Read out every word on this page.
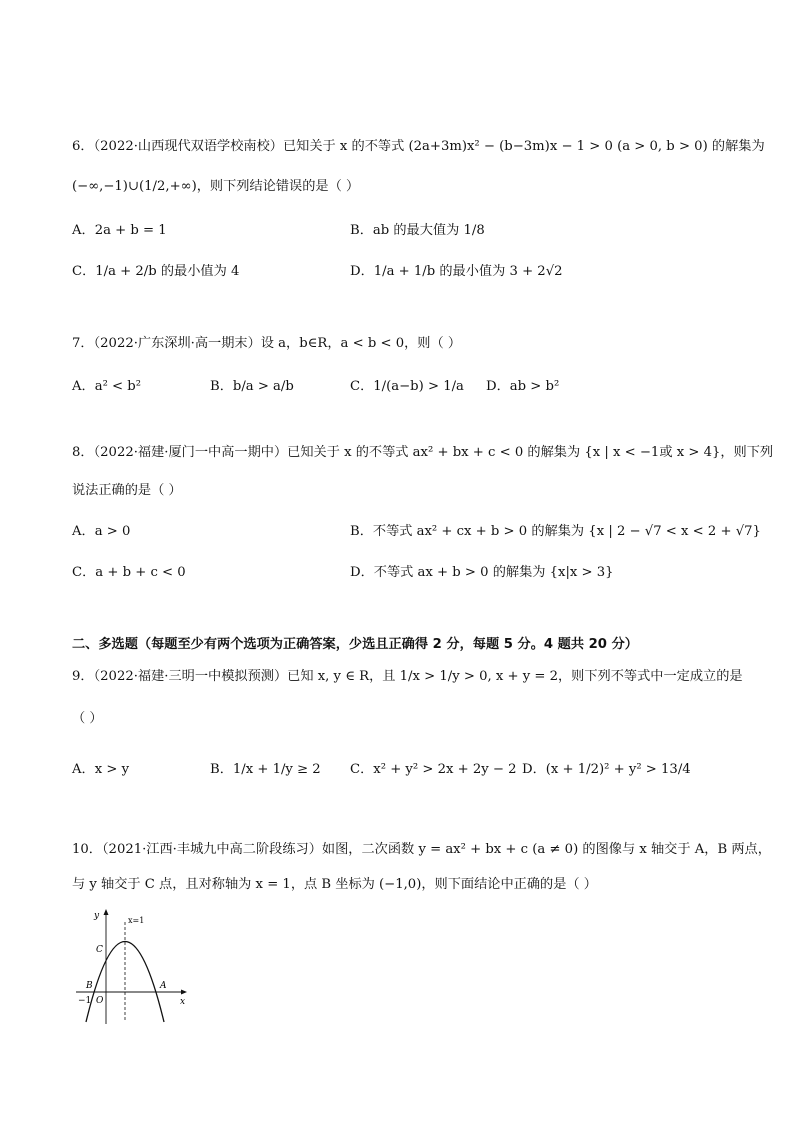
6．（2022·山西现代双语学校南校）已知关于 x 的不等式 (2a+3m)x² − (b−3m)x − 1 > 0 (a > 0, b > 0) 的解集为
(−∞,−1)∪(1/2,+∞)，则下列结论错误的是（ ）
A．2a + b = 1	B．ab 的最大值为 1/8
C．1/a + 2/b 的最小值为 4	D．1/a + 1/b 的最小值为 3 + 2√2
7．（2022·广东深圳·高一期末）设 a，b∈R，a < b < 0，则（ ）
A．a² < b²	B．b/a > a/b	C．1/(a−b) > 1/a D．ab > b²
8．（2022·福建·厦门一中高一期中）已知关于 x 的不等式 ax² + bx + c < 0 的解集为 {x | x < −1或 x > 4}，则下列
说法正确的是（ ）
A．a > 0	B．不等式 ax² + cx + b > 0 的解集为 {x | 2 − √7 < x < 2 + √7}
C．a + b + c < 0	D．不等式 ax + b > 0 的解集为 {x|x > 3}
二、多选题（每题至少有两个选项为正确答案，少选且正确得 2 分，每题 5 分。4 题共 20 分）
9．（2022·福建·三明一中模拟预测）已知 x, y ∈ R，且 1/x > 1/y > 0, x + y = 2，则下列不等式中一定成立的是
（ ）
A．x > y	B．1/x + 1/y ≥ 2 C．x² + y² > 2x + 2y − 2 D．(x + 1/2)² + y² > 13/4
10．（2021·江西·丰城九中高二阶段练习）如图，二次函数 y = ax² + bx + c (a ≠ 0) 的图像与 x 轴交于 A，B 两点，
与 y 轴交于 C 点，且对称轴为 x = 1，点 B 坐标为 (−1,0)，则下面结论中正确的是（ ）
y
x
x=1
C
B	A
O
−1
